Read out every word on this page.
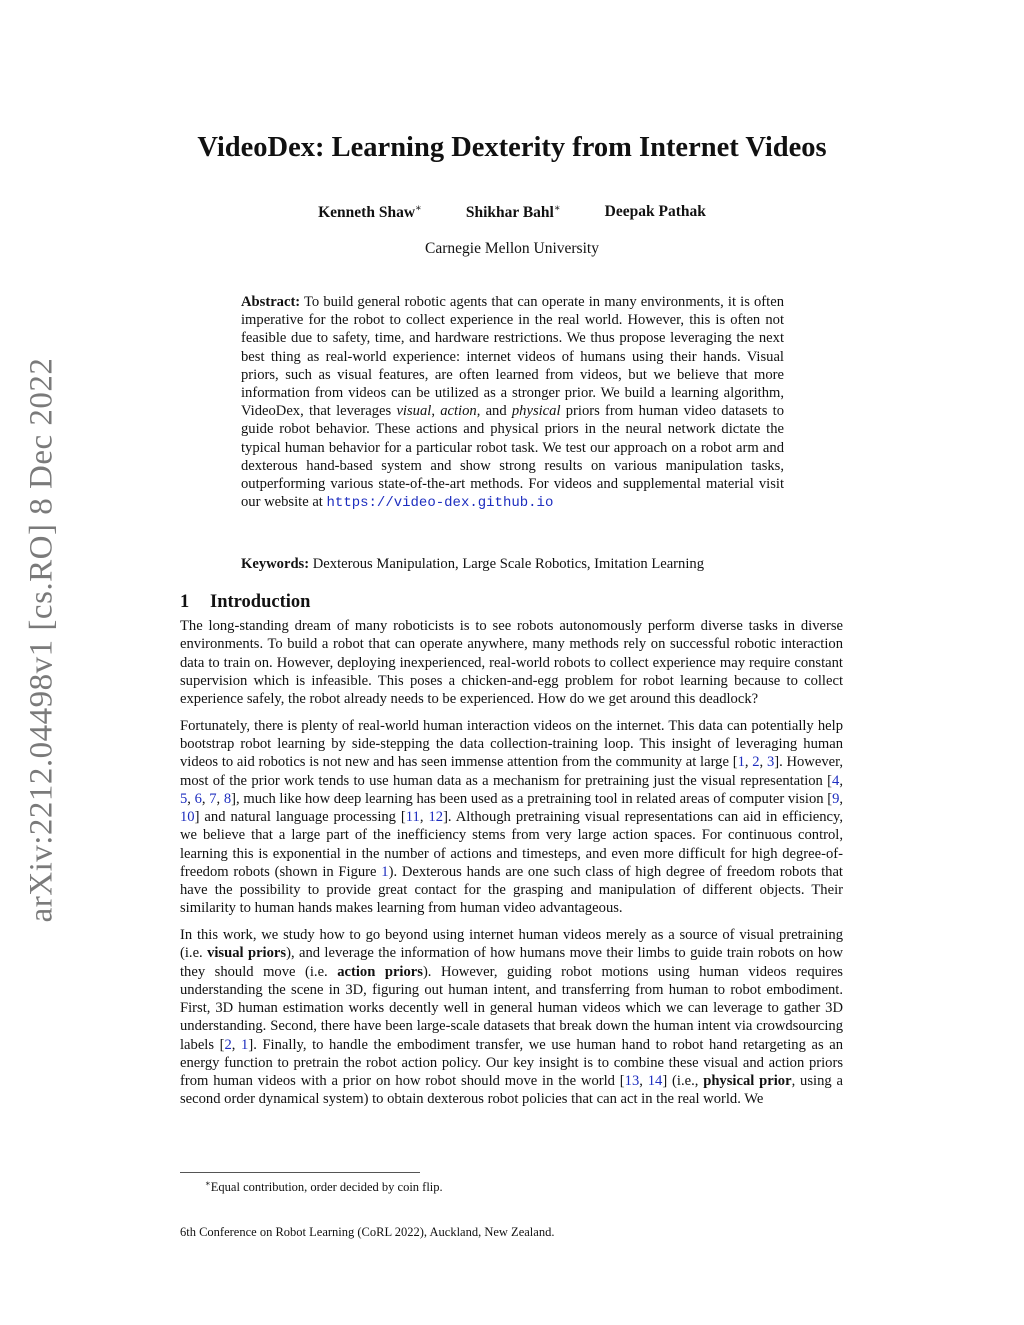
arXiv:2212.04498v1 [cs.RO] 8 Dec 2022
VideoDex: Learning Dexterity from Internet Videos
Kenneth Shaw∗	Shikhar Bahl∗	Deepak Pathak
Carnegie Mellon University
Abstract: To build general robotic agents that can operate in many environments, it is often imperative for the robot to collect experience in the real world. However, this is often not feasible due to safety, time, and hardware restrictions. We thus propose leveraging the next best thing as real-world experience: internet videos of humans using their hands. Visual priors, such as visual features, are often learned from videos, but we believe that more information from videos can be utilized as a stronger prior. We build a learning algorithm, VideoDex, that leverages visual, action, and physical priors from human video datasets to guide robot behavior. These actions and physical priors in the neural network dictate the typical human behavior for a particular robot task. We test our approach on a robot arm and dexterous hand-based system and show strong results on various manipulation tasks, outperforming various state-of-the-art methods. For videos and supplemental material visit our website at https://video-dex.github.io
Keywords: Dexterous Manipulation, Large Scale Robotics, Imitation Learning
1 Introduction

The long-standing dream of many roboticists is to see robots autonomously perform diverse tasks in diverse environments. To build a robot that can operate anywhere, many methods rely on successful robotic interaction data to train on. However, deploying inexperienced, real-world robots to collect experience may require constant supervision which is infeasible. This poses a chicken-and-egg problem for robot learning because to collect experience safely, the robot already needs to be experienced. How do we get around this deadlock?

Fortunately, there is plenty of real-world human interaction videos on the internet. This data can potentially help bootstrap robot learning by side-stepping the data collection-training loop. This insight of leveraging human videos to aid robotics is not new and has seen immense attention from the community at large [1, 2, 3]. However, most of the prior work tends to use human data as a mechanism for pretraining just the visual representation [4, 5, 6, 7, 8], much like how deep learning has been used as a pretraining tool in related areas of computer vision [9, 10] and natural language processing [11, 12]. Although pretraining visual representations can aid in efficiency, we believe that a large part of the inefficiency stems from very large action spaces. For continuous control, learning this is exponential in the number of actions and timesteps, and even more difficult for high degree-of-freedom robots (shown in Figure 1). Dexterous hands are one such class of high degree of freedom robots that have the possibility to provide great contact for the grasping and manipulation of different objects. Their similarity to human hands makes learning from human video advantageous.

In this work, we study how to go beyond using internet human videos merely as a source of visual pretraining (i.e. visual priors), and leverage the information of how humans move their limbs to guide train robots on how they should move (i.e. action priors). However, guiding robot motions using human videos requires understanding the scene in 3D, figuring out human intent, and transferring from human to robot embodiment. First, 3D human estimation works decently well in general human videos which we can leverage to gather 3D understanding. Second, there have been large-scale datasets that break down the human intent via crowdsourcing labels [2, 1]. Finally, to handle the embodiment transfer, we use human hand to robot hand retargeting as an energy function to pretrain the robot action policy. Our key insight is to combine these visual and action priors from human videos with a prior on how robot should move in the world [13, 14] (i.e., physical prior, using a second order dynamical system) to obtain dexterous robot policies that can act in the real world. We

∗Equal contribution, order decided by coin flip.
6th Conference on Robot Learning (CoRL 2022), Auckland, New Zealand.
